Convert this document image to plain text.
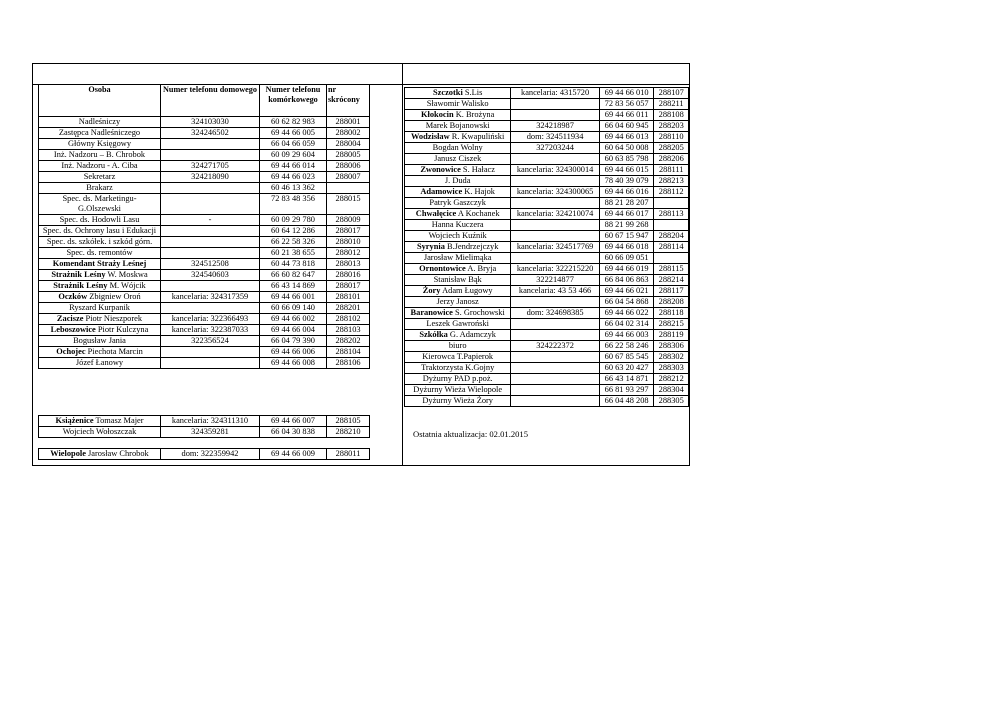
Osoba	Numer telefonu domowego	Numer telefonu komórkowego	nr skrócony
Nadleśniczy	324103030	60 62 82 983	288001
Zastępca Nadleśniczego	324246502	69 44 66 005	288002
Główny Księgowy		66 04 66 059	288004
Inż. Nadzoru – B. Chrobok		60 09 29 604	288005
Inż. Nadzoru - A. Ciba	324271705	69 44 66 014	288006
Sekretarz	324218090	69 44 66 023	288007
Brakarz		60 46 13 362	
Spec. ds. Marketingu- G.Olszewski		72 83 48 356	288015
Spec. ds. Hodowli Lasu	-	60 09 29 780	288009
Spec. ds. Ochrony lasu i Edukacji		60 64 12 286	288017
Spec. ds. szkółek. i szkód górn.		66 22 58 326	288010
Spec. ds. remontów		60 21 38 655	288012
Komendant Straży Leśnej	324512508	60 44 73 818	288013
Strażnik Leśny W. Moskwa	324540603	66 60 82 647	288016
Strażnik Leśny M. Wójcik		66 43 14 869	288017
Oczków Zbigniew Oroń	kancelaria: 324317359	69 44 66 001	288101
Ryszard Kurpanik		60 66 09 140	288201
Zacisze Piotr Nieszporek	kancelaria: 322366493	69 44 66 002	288102
Leboszowice Piotr Kulczyna	kancelaria: 322387033	69 44 66 004	288103
Bogusław Jania	322356524	66 04 79 390	288202
Ochojec Piechota Marcin		69 44 66 006	288104
Józef Łanowy		69 44 66 008	288106
Książenice Tomasz Majer	kancelaria: 324311310	69 44 66 007	288105
Wojciech Wołoszczak	324359281	66 04 30 838	288210
Wielopole Jarosław Chrobok	dom: 322359942	69 44 66 009	288011
Szczotki S.Lis	kancelaria: 4315720	69 44 66 010	288107
Sławomir Walisko		72 83 56 057	288211
Kłokocin K. Brożyna		69 44 66 011	288108
Marek Bojanowski	324218987	66 04 60 945	288203
Wodzisław R. Kwapuliński	dom: 324511934	69 44 66 013	288110
Bogdan Wolny	327203244	60 64 50 008	288205
Janusz Ciszek		60 63 85 798	288206
Zwonowice S. Hałacz	kancelaria: 324300014	69 44 66 015	288111
J. Duda		78 40 39 079	288213
Adamowice K. Hajok	kancelaria: 324300065	69 44 66 016	288112
Patryk Gaszczyk		88 21 28 207	
Chwałęcice A Kochanek	kancelaria: 324210074	69 44 66 017	288113
Hanna Kuczera		88 21 99 268	
Wojciech Kuźnik		60 67 15 947	288204
Syrynia B.Jendrzejczyk	kancelaria: 324517769	69 44 66 018	288114
Jarosław Mielimąka		60 66 09 051	
Ornontowice A. Bryja	kancelaria: 322215220	69 44 66 019	288115
Stanisław Bąk	322214877	66 84 06 863	288214
Żory Adam Ługowy	kancelaria: 43 53 466	69 44 66 021	288117
Jerzy Janosz		66 04 54 868	288208
Baranowice S. Grochowski	dom: 324698385	69 44 66 022	288118
Leszek Gawroński		66 04 02 314	288215
Szkółka G. Adamczyk		69 44 66 003	288119
biuro	324222372	66 22 58 246	288306
Kierowca T.Papierok		60 67 85 545	288302
Traktorzysta K.Gojny		60 63 20 427	288303
Dyżurny PAD p.poż.		66 43 14 871	288212
Dyżurny Wieża Wielopole		66 81 93 297	288304
Dyżurny Wieża Żory		66 04 48 208	288305
Ostatnia aktualizacja: 02.01.2015
